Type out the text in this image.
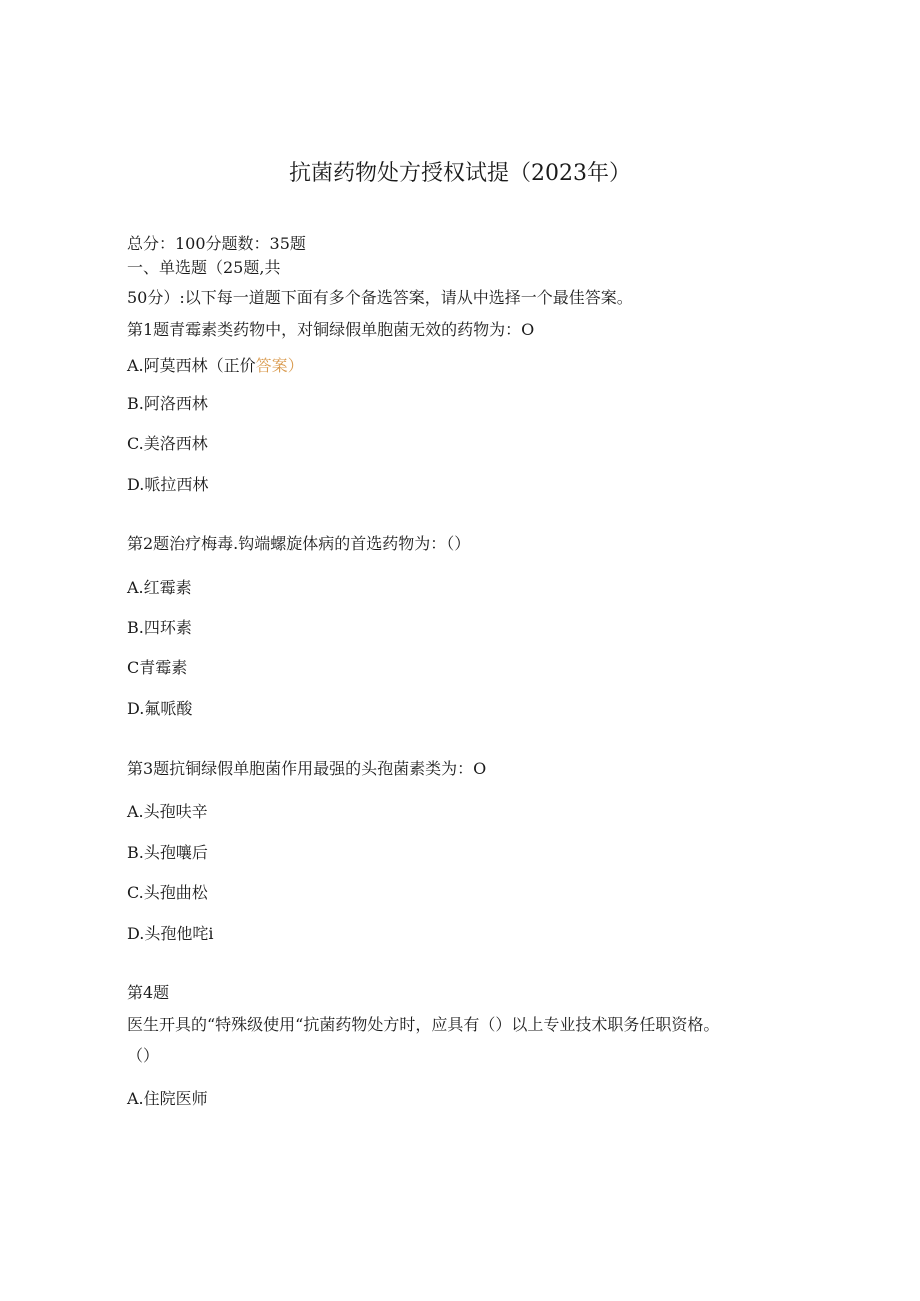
抗菌药物处方授权试提（2023年）
总分：100分题数：35题
一、单选题（25题,共
50分）:以下每一道题下面有多个备选答案，请从中选择一个最佳答案。
第1题青霉素类药物中，对铜绿假单胞菌无效的药物为：O
A.阿莫西林（正价答案）
B.阿洛西林
C.美洛西林
D.哌拉西林
第2题治疗梅毒.钩端螺旋体病的首选药物为：（）
A.红霉素
B.四环素
C青霉素
D.氟哌酸
第3题抗铜绿假单胞菌作用最强的头孢菌素类为：O
A.头孢呋辛
B.头孢嚷后
C.头孢曲松
D.头孢他咤i
第4题
医生开具的“特殊级使用“抗菌药物处方时，应具有（）以上专业技术职务任职资格。
（）
A.住院医师
